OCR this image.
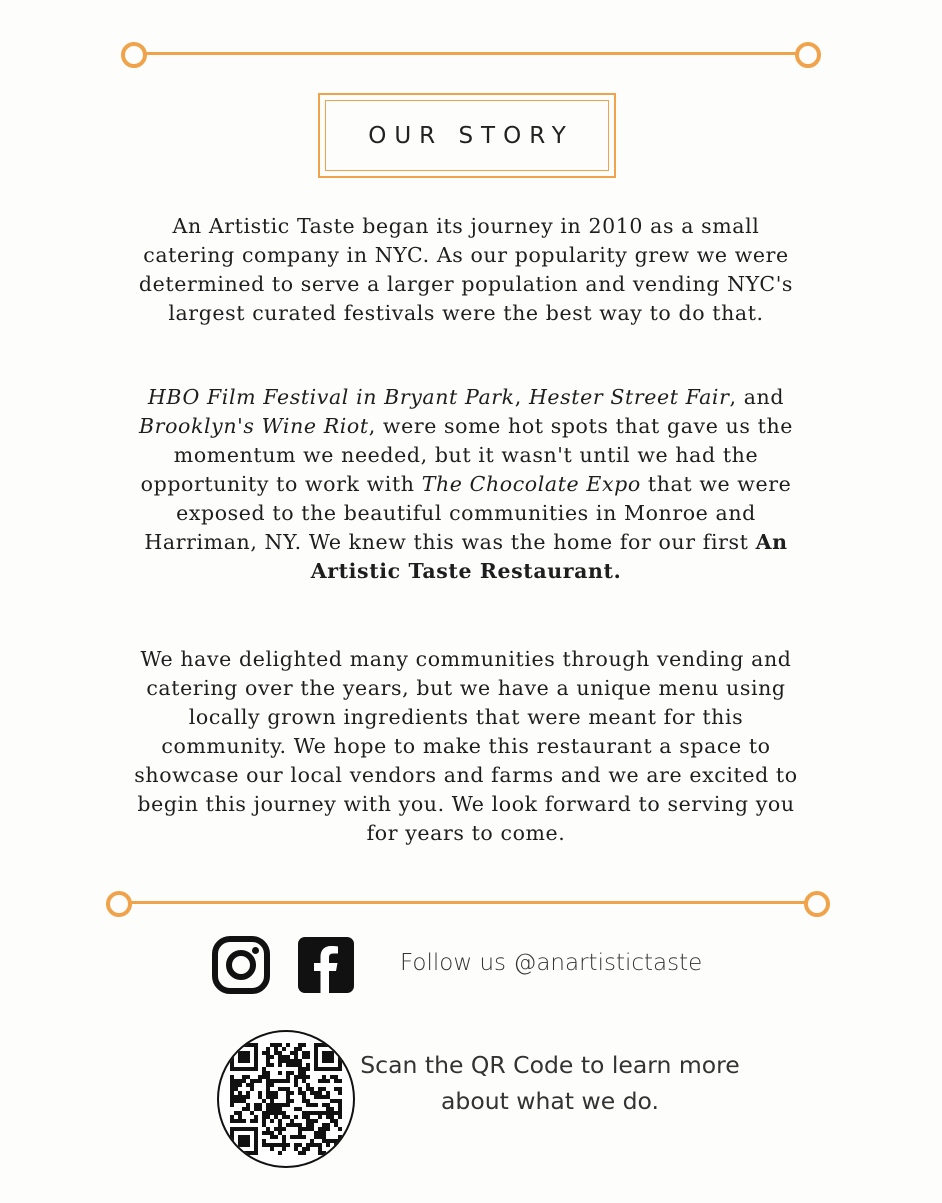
OUR STORY

An Artistic Taste began its journey in 2010 as a small catering company in NYC. As our popularity grew we were determined to serve a larger population and vending NYC's largest curated festivals were the best way to do that.

HBO Film Festival in Bryant Park, Hester Street Fair, and Brooklyn's Wine Riot, were some hot spots that gave us the momentum we needed, but it wasn't until we had the opportunity to work with The Chocolate Expo that we were exposed to the beautiful communities in Monroe and Harriman, NY. We knew this was the home for our first An Artistic Taste Restaurant.

We have delighted many communities through vending and catering over the years, but we have a unique menu using locally grown ingredients that were meant for this community. We hope to make this restaurant a space to showcase our local vendors and farms and we are excited to begin this journey with you. We look forward to serving you for years to come.

Follow us @anartistictaste
Scan the QR Code to learn more about what we do.
